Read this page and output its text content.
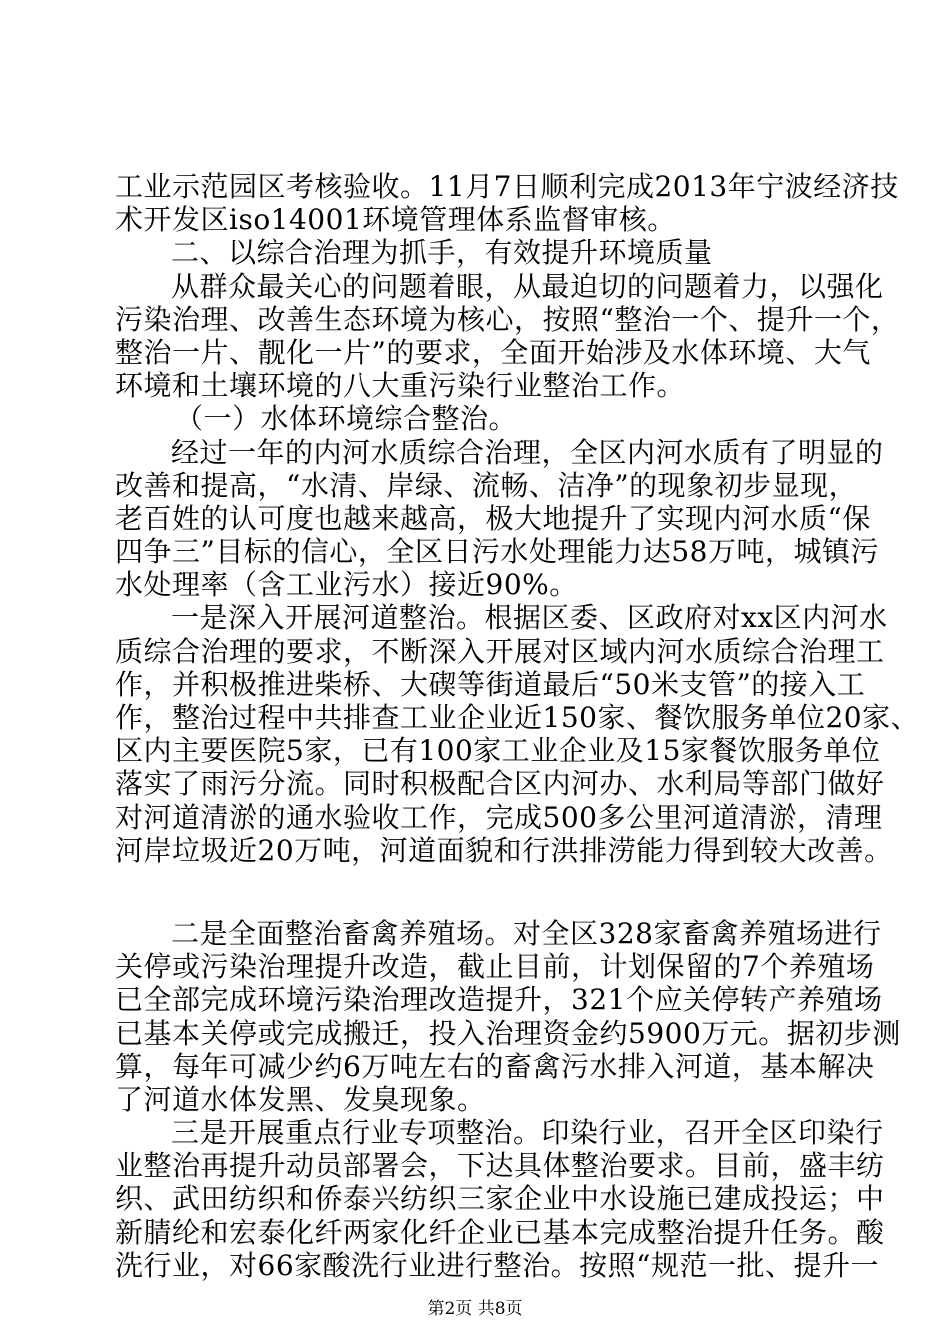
工业示范园区考核验收。11月7日顺利完成2013年宁波经济技
术开发区iso14001环境管理体系监督审核。
二、以综合治理为抓手，有效提升环境质量
从群众最关心的问题着眼，从最迫切的问题着力，以强化
污染治理、改善生态环境为核心，按照“整治一个、提升一个，
整治一片、靓化一片”的要求，全面开始涉及水体环境、大气
环境和土壤环境的八大重污染行业整治工作。
（一）水体环境综合整治。
经过一年的内河水质综合治理，全区内河水质有了明显的
改善和提高，“水清、岸绿、流畅、洁净”的现象初步显现，
老百姓的认可度也越来越高，极大地提升了实现内河水质“保
四争三”目标的信心，全区日污水处理能力达58万吨，城镇污
水处理率（含工业污水）接近90%。
一是深入开展河道整治。根据区委、区政府对xx区内河水
质综合治理的要求，不断深入开展对区域内河水质综合治理工
作，并积极推进柴桥、大碶等街道最后“50米支管”的接入工
作，整治过程中共排查工业企业近150家、餐饮服务单位20家、
区内主要医院5家，已有100家工业企业及15家餐饮服务单位
落实了雨污分流。同时积极配合区内河办、水利局等部门做好
对河道清淤的通水验收工作，完成500多公里河道清淤，清理
河岸垃圾近20万吨，河道面貌和行洪排涝能力得到较大改善。
二是全面整治畜禽养殖场。对全区328家畜禽养殖场进行
关停或污染治理提升改造，截止目前，计划保留的7个养殖场
已全部完成环境污染治理改造提升，321个应关停转产养殖场
已基本关停或完成搬迁，投入治理资金约5900万元。据初步测
算，每年可减少约6万吨左右的畜禽污水排入河道，基本解决
了河道水体发黑、发臭现象。
三是开展重点行业专项整治。印染行业，召开全区印染行
业整治再提升动员部署会，下达具体整治要求。目前，盛丰纺
织、武田纺织和侨泰兴纺织三家企业中水设施已建成投运；中
新腈纶和宏泰化纤两家化纤企业已基本完成整治提升任务。酸
洗行业，对66家酸洗行业进行整治。按照“规范一批、提升一
第2页 共8页
